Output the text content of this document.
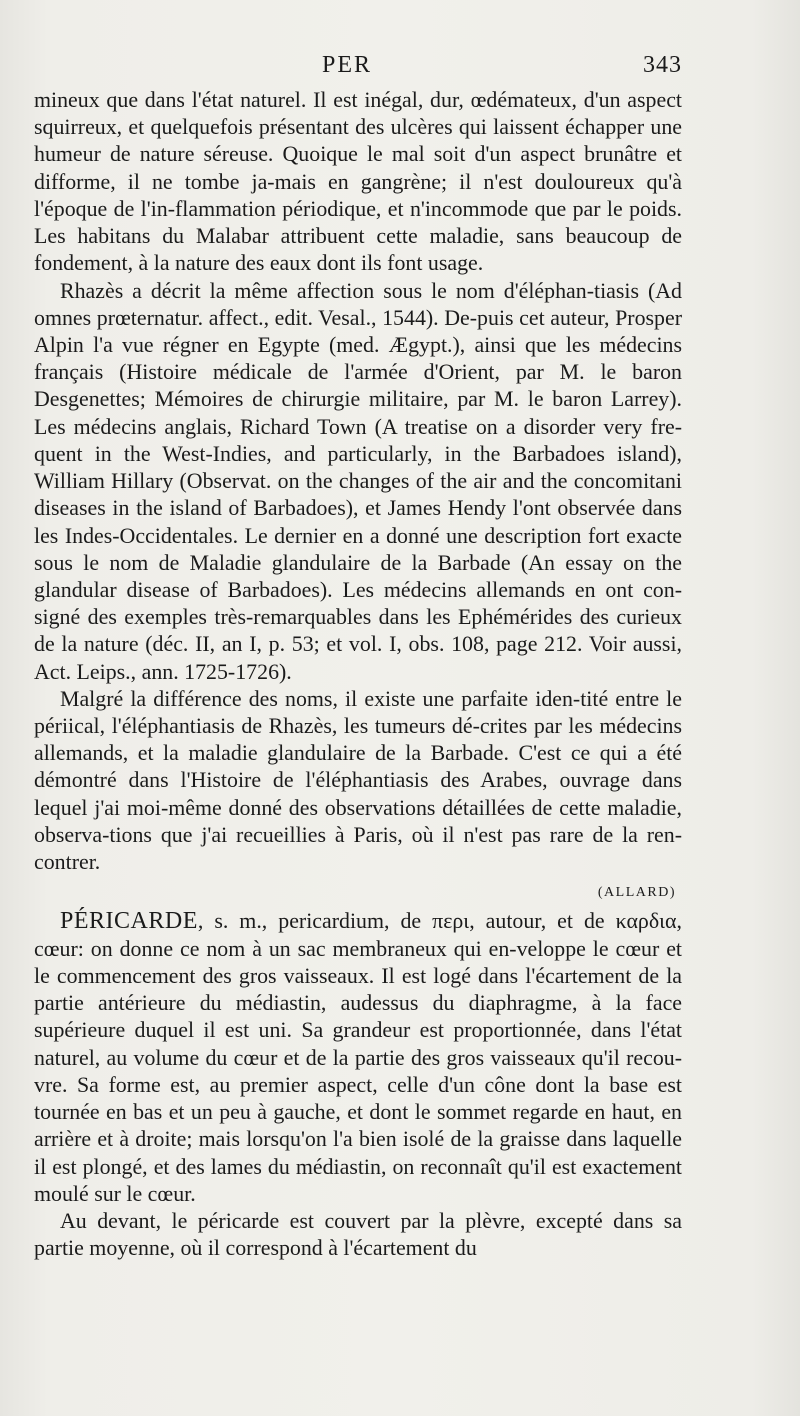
PER	343

mineux que dans l'état naturel. Il est inégal, dur, œdémateux, d'un aspect squirreux, et quelquefois présentant des ulcères qui laissent échapper une humeur de nature séreuse. Quoique le mal soit d'un aspect brunâtre et difforme, il ne tombe ja-mais en gangrène; il n'est douloureux qu'à l'époque de l'in-flammation périodique, et n'incommode que par le poids. Les habitans du Malabar attribuent cette maladie, sans beaucoup de fondement, à la nature des eaux dont ils font usage.

Rhazès a décrit la même affection sous le nom d'éléphan-tiasis (Ad omnes prœternatur. affect., edit. Vesal., 1544). De-puis cet auteur, Prosper Alpin l'a vue régner en Egypte (med. Ægypt.), ainsi que les médecins français (Histoire médicale de l'armée d'Orient, par M. le baron Desgenettes; Mémoires de chirurgie militaire, par M. le baron Larrey). Les médecins anglais, Richard Town (A treatise on a disorder very fre-quent in the West-Indies, and particularly, in the Barbadoes island), William Hillary (Observat. on the changes of the air and the concomitani diseases in the island of Barbadoes), et James Hendy l'ont observée dans les Indes-Occidentales. Le dernier en a donné une description fort exacte sous le nom de Maladie glandulaire de la Barbade (An essay on the glandular disease of Barbadoes). Les médecins allemands en ont con-signé des exemples très-remarquables dans les Ephémérides des curieux de la nature (déc. II, an I, p. 53; et vol. I, obs. 108, page 212. Voir aussi, Act. Leips., ann. 1725-1726).

Malgré la différence des noms, il existe une parfaite iden-tité entre le périical, l'éléphantiasis de Rhazès, les tumeurs dé-crites par les médecins allemands, et la maladie glandulaire de la Barbade. C'est ce qui a été démontré dans l'Histoire de l'éléphantiasis des Arabes, ouvrage dans lequel j'ai moi-même donné des observations détaillées de cette maladie, observa-tions que j'ai recueillies à Paris, où il n'est pas rare de la ren-contrer.

(ALLARD)

PÉRICARDE, s. m., pericardium, de περι, autour, et de καρδια, cœur: on donne ce nom à un sac membraneux qui en-veloppe le cœur et le commencement des gros vaisseaux. Il est logé dans l'écartement de la partie antérieure du médiastin, audessus du diaphragme, à la face supérieure duquel il est uni. Sa grandeur est proportionnée, dans l'état naturel, au volume du cœur et de la partie des gros vaisseaux qu'il recou-vre. Sa forme est, au premier aspect, celle d'un cône dont la base est tournée en bas et un peu à gauche, et dont le sommet regarde en haut, en arrière et à droite; mais lorsqu'on l'a bien isolé de la graisse dans laquelle il est plongé, et des lames du médiastin, on reconnaît qu'il est exactement moulé sur le cœur.

Au devant, le péricarde est couvert par la plèvre, excepté dans sa partie moyenne, où il correspond à l'écartement du
